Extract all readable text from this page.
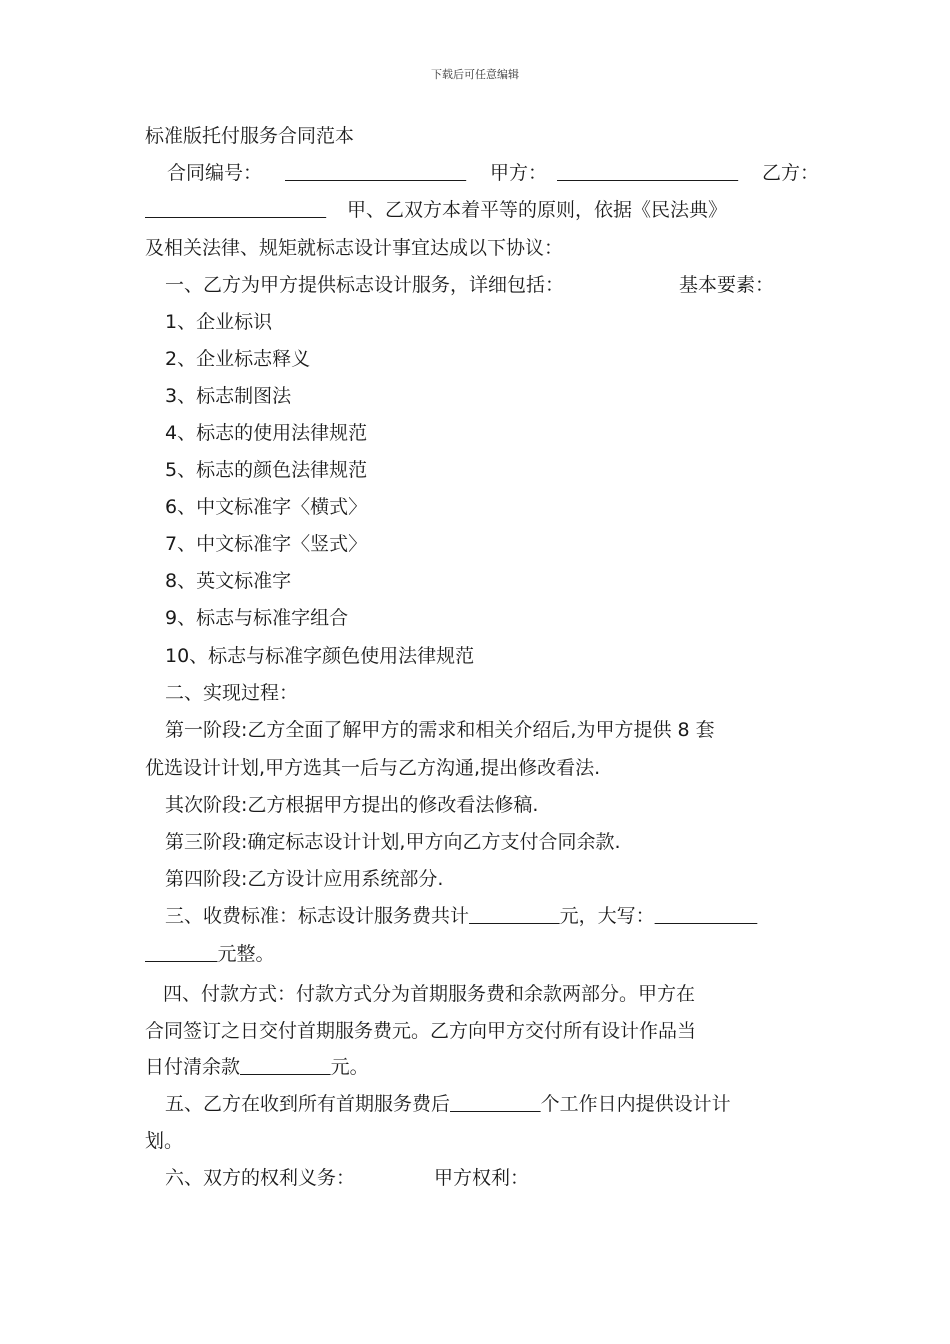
下载后可任意编辑
标准版托付服务合同范本
合同编号：
	甲方：
	乙方：

甲、乙双方本着平等的原则，依据《民法典》
及相关法律、规矩就标志设计事宜达成以下协议：
一、乙方为甲方提供标志设计服务，详细包括：	基本要素：
1、企业标识
2、企业标志释义
3、标志制图法
4、标志的使用法律规范
5、标志的颜色法律规范
6、中文标准字〈横式〉
7、中文标准字〈竖式〉
8、英文标准字
9、标志与标准字组合
10、标志与标准字颜色使用法律规范
二、实现过程：
第一阶段:乙方全面了解甲方的需求和相关介绍后,为甲方提供 8 套
优选设计计划,甲方选其一后与乙方沟通,提出修改看法.
其次阶段:乙方根据甲方提出的修改看法修稿.
第三阶段:确定标志设计计划,甲方向乙方支付合同余款.
第四阶段:乙方设计应用系统部分.
三、收费标准：标志设计服务费共计	元，大写：
元整。
四、付款方式：付款方式分为首期服务费和余款两部分。甲方在
合同签订之日交付首期服务费元。乙方向甲方交付所有设计作品当
日付清余款	元。
五、乙方在收到所有首期服务费后	个工作日内提供设计计
划。
六、双方的权利义务：	甲方权利：
